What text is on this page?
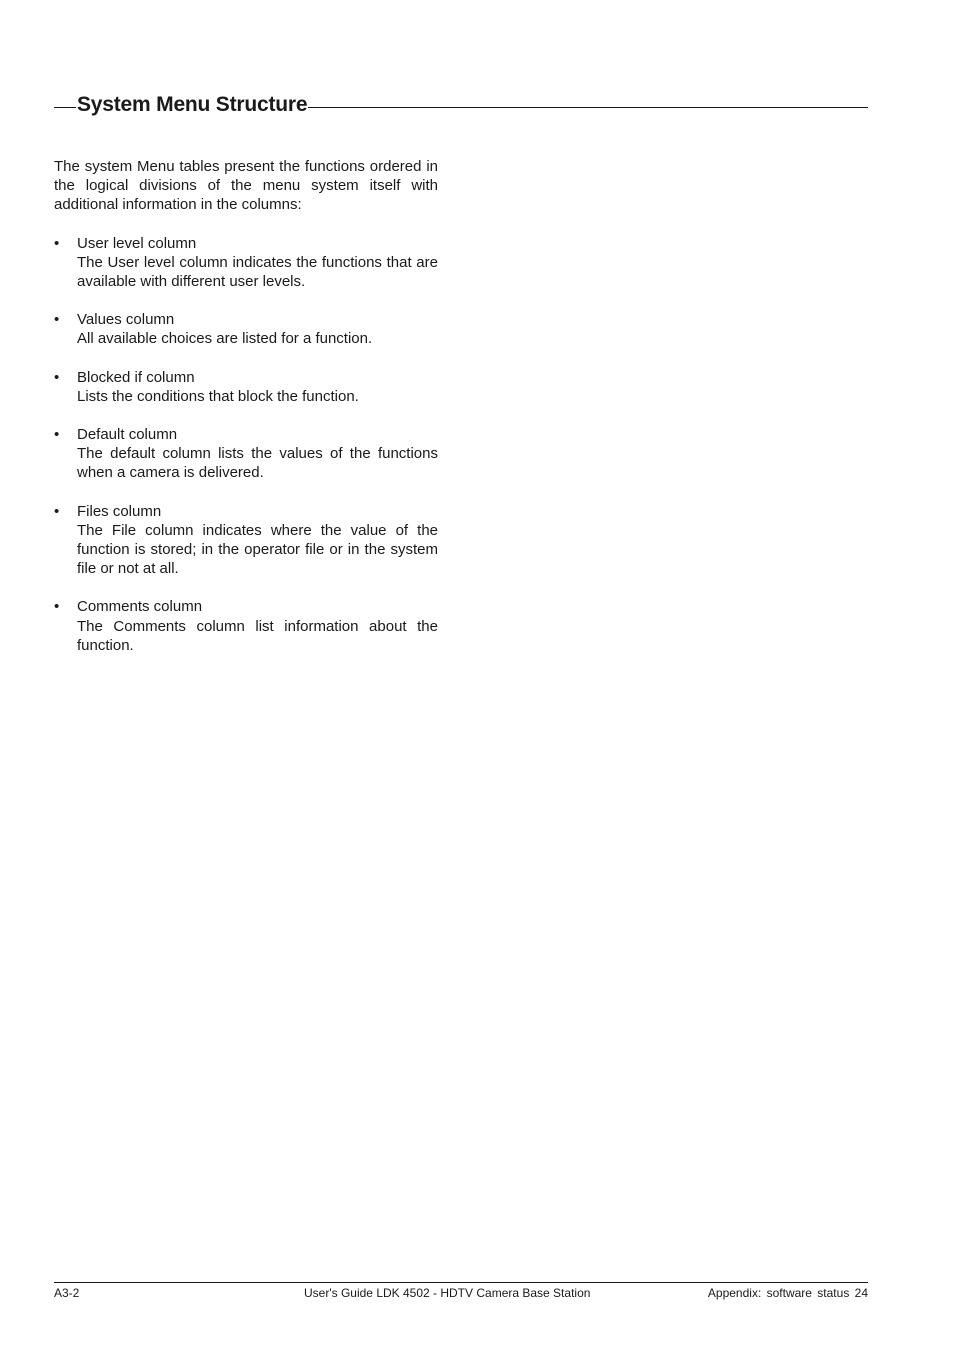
System Menu Structure

The system Menu tables present the functions ordered in the logical divisions of the menu system itself with additional information in the columns:

• User level column
The User level column indicates the functions that are available with different user levels.
• Values column
All available choices are listed for a function.
• Blocked if column
Lists the conditions that block the function.
• Default column
The default column lists the values of the functions when a camera is delivered.
• Files column
The File column indicates where the value of the function is stored; in the operator file or in the system file or not at all.
• Comments column
The Comments column list information about the function.
A3-2	User's Guide LDK 4502 - HDTV Camera Base Station	Appendix: software status 24
